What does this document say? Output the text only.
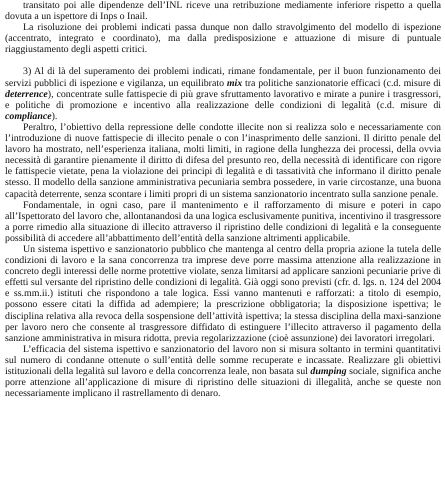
transitato poi alle dipendenze dell’INL riceve una retribuzione mediamente inferiore rispetto a quella dovuta a un ispettore di Inps o Inail.

La risoluzione dei problemi indicati passa dunque non dallo stravolgimento del modello di ispezione (accentrato, integrato e coordinato), ma dalla predisposizione e attuazione di misure di puntuale riaggiustamento degli aspetti critici.

3) Al di là del superamento dei problemi indicati, rimane fondamentale, per il buon funzionamento dei servizi pubblici di ispezione e vigilanza, un equilibrato mix tra politiche sanzionatorie efficaci (c.d. misure di deterrence), concentrate sulle fattispecie di più grave sfruttamento lavorativo e mirate a punire i trasgressori, e politiche di promozione e incentivo alla realizzazione delle condizioni di legalità (c.d. misure di compliance).

Peraltro, l’obiettivo della repressione delle condotte illecite non si realizza solo e necessariamente con l’introduzione di nuove fattispecie di illecito penale o con l’inasprimento delle sanzioni. Il diritto penale del lavoro ha mostrato, nell’esperienza italiana, molti limiti, in ragione della lunghezza dei processi, della ovvia necessità di garantire pienamente il diritto di difesa del presunto reo, della necessità di identificare con rigore le fattispecie vietate, pena la violazione dei principi di legalità e di tassatività che informano il diritto penale stesso. Il modello della sanzione amministrativa pecuniaria sembra possedere, in varie circostanze, una buona capacità deterrente, senza scontare i limiti propri di un sistema sanzionatorio incentrato sulla sanzione penale.

Fondamentale, in ogni caso, pare il mantenimento e il rafforzamento di misure e poteri in capo all’Ispettorato del lavoro che, allontanandosi da una logica esclusivamente punitiva, incentivino il trasgressore a porre rimedio alla situazione di illecito attraverso il ripristino delle condizioni di legalità e la conseguente possibilità di accedere all’abbattimento dell’entità della sanzione altrimenti applicabile.

Un sistema ispettivo e sanzionatorio pubblico che mantenga al centro della propria azione la tutela delle condizioni di lavoro e la sana concorrenza tra imprese deve porre massima attenzione alla realizzazione in concreto degli interessi delle norme protettive violate, senza limitarsi ad applicare sanzioni pecuniarie prive di effetti sul versante del ripristino delle condizioni di legalità. Già oggi sono previsti (cfr. d. lgs. n. 124 del 2004 e ss.mm.ii.) istituti che rispondono a tale logica. Essi vanno mantenuti e rafforzati: a titolo di esempio, possono essere citati la diffida ad adempiere; la prescrizione obbligatoria; la disposizione ispettiva; le disciplina relativa alla revoca della sospensione dell’attività ispettiva; la stessa disciplina della maxi-sanzione per lavoro nero che consente al trasgressore diffidato di estinguere l’illecito attraverso il pagamento della sanzione amministrativa in misura ridotta, previa regolarizzazione (cioè assunzione) dei lavoratori irregolari.

L’efficacia del sistema ispettivo e sanzionatorio del lavoro non si misura soltanto in termini quantitativi sul numero di condanne ottenute o sull’entità delle somme recuperate e incassate. Realizzare gli obiettivi istituzionali della legalità sul lavoro e della concorrenza leale, non basata sul dumping sociale, significa anche porre attenzione all’applicazione di misure di ripristino delle situazioni di illegalità, anche se queste non necessariamente implicano il rastrellamento di denaro.
